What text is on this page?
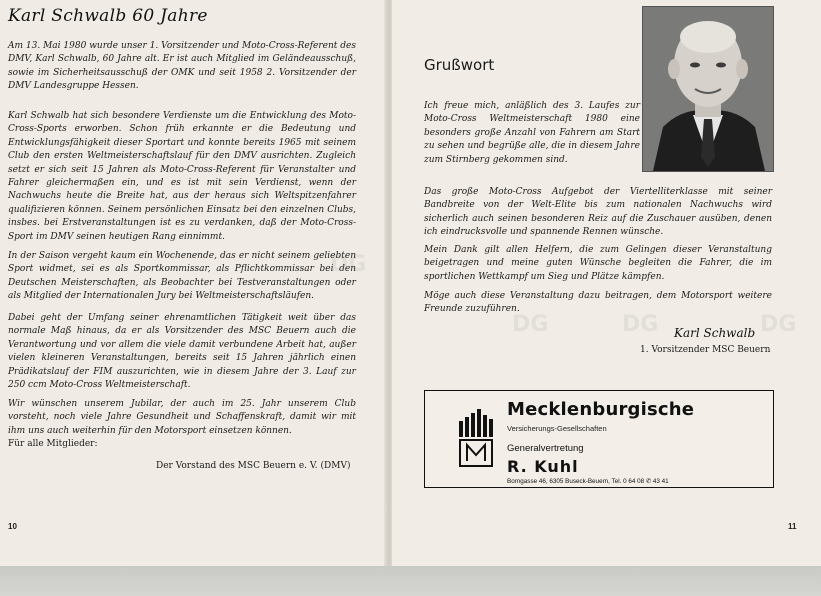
Karl Schwalb 60 Jahre
Am 13. Mai 1980 wurde unser 1. Vorsitzender und Moto-Cross-Referent des DMV, Karl Schwalb, 60 Jahre alt. Er ist auch Mitglied im Geländeausschuß, sowie im Sicherheitsausschuß der OMK und seit 1958 2. Vorsitzender der DMV Landesgruppe Hessen.
Karl Schwalb hat sich besondere Verdienste um die Entwicklung des Moto-Cross-Sports erworben. Schon früh erkannte er die Bedeutung und Entwicklungsfähigkeit dieser Sportart und konnte bereits 1965 mit seinem Club den ersten Weltmeisterschaftslauf für den DMV ausrichten. Zugleich setzt er sich seit 15 Jahren als Moto-Cross-Referent für Veranstalter und Fahrer gleichermaßen ein, und es ist mit sein Verdienst, wenn der Nachwuchs heute die Breite hat, aus der heraus sich Weltspitzenfahrer qualifizieren können. Seinem persönlichen Einsatz bei den einzelnen Clubs, insbes. bei Erstveranstaltungen ist es zu verdanken, daß der Moto-Cross-Sport im DMV seinen heutigen Rang einnimmt.
In der Saison vergeht kaum ein Wochenende, das er nicht seinem geliebten Sport widmet, sei es als Sportkommissar, als Pflichtkommissar bei den Deutschen Meisterschaften, als Beobachter bei Testveranstaltungen oder als Mitglied der Internationalen Jury bei Weltmeisterschaftsläufen.
Dabei geht der Umfang seiner ehrenamtlichen Tätigkeit weit über das normale Maß hinaus, da er als Vorsitzender des MSC Beuern auch die Verantwortung und vor allem die viele damit verbundene Arbeit hat, außer vielen kleineren Veranstaltungen, bereits seit 15 Jahren jährlich einen Prädikatslauf der FIM auszurichten, wie in diesem Jahre der 3. Lauf zur 250 ccm Moto-Cross Weltmeisterschaft.
Wir wünschen unserem Jubilar, der auch im 25. Jahr unserem Club vorsteht, noch viele Jahre Gesundheit und Schaffenskraft, damit wir mit ihm uns auch weiterhin für den Motorsport einsetzen können.
Für alle Mitglieder:
Der Vorstand des MSC Beuern e. V. (DMV)
10
DG
Grußwort
Ich freue mich, anläßlich des 3. Laufes zur Moto-Cross Weltmeisterschaft 1980 eine besonders große Anzahl von Fahrern am Start zu sehen und begrüße alle, die in diesem Jahre zum Stirnberg gekommen sind.
Das große Moto-Cross Aufgebot der Viertelliterklasse mit seiner Bandbreite von der Welt-Elite bis zum nationalen Nachwuchs wird sicherlich auch seinen besonderen Reiz auf die Zuschauer ausüben, denen ich eindrucksvolle und spannende Rennen wünsche.
Mein Dank gilt allen Helfern, die zum Gelingen dieser Veranstaltung beigetragen und meine guten Wünsche begleiten die Fahrer, die im sportlichen Wettkampf um Sieg und Plätze kämpfen.
Möge auch diese Veranstaltung dazu beitragen, dem Motorsport weitere Freunde zuzuführen.
Karl Schwalb
1. Vorsitzender MSC Beuern
Mecklenburgische
Versicherungs-Gesellschaften
Generalvertretung
R. Kuhl
Borngasse 46, 6305 Buseck-Beuern, Tel. 0 64 08 ✆ 43 41
11
DG	DG	DG
